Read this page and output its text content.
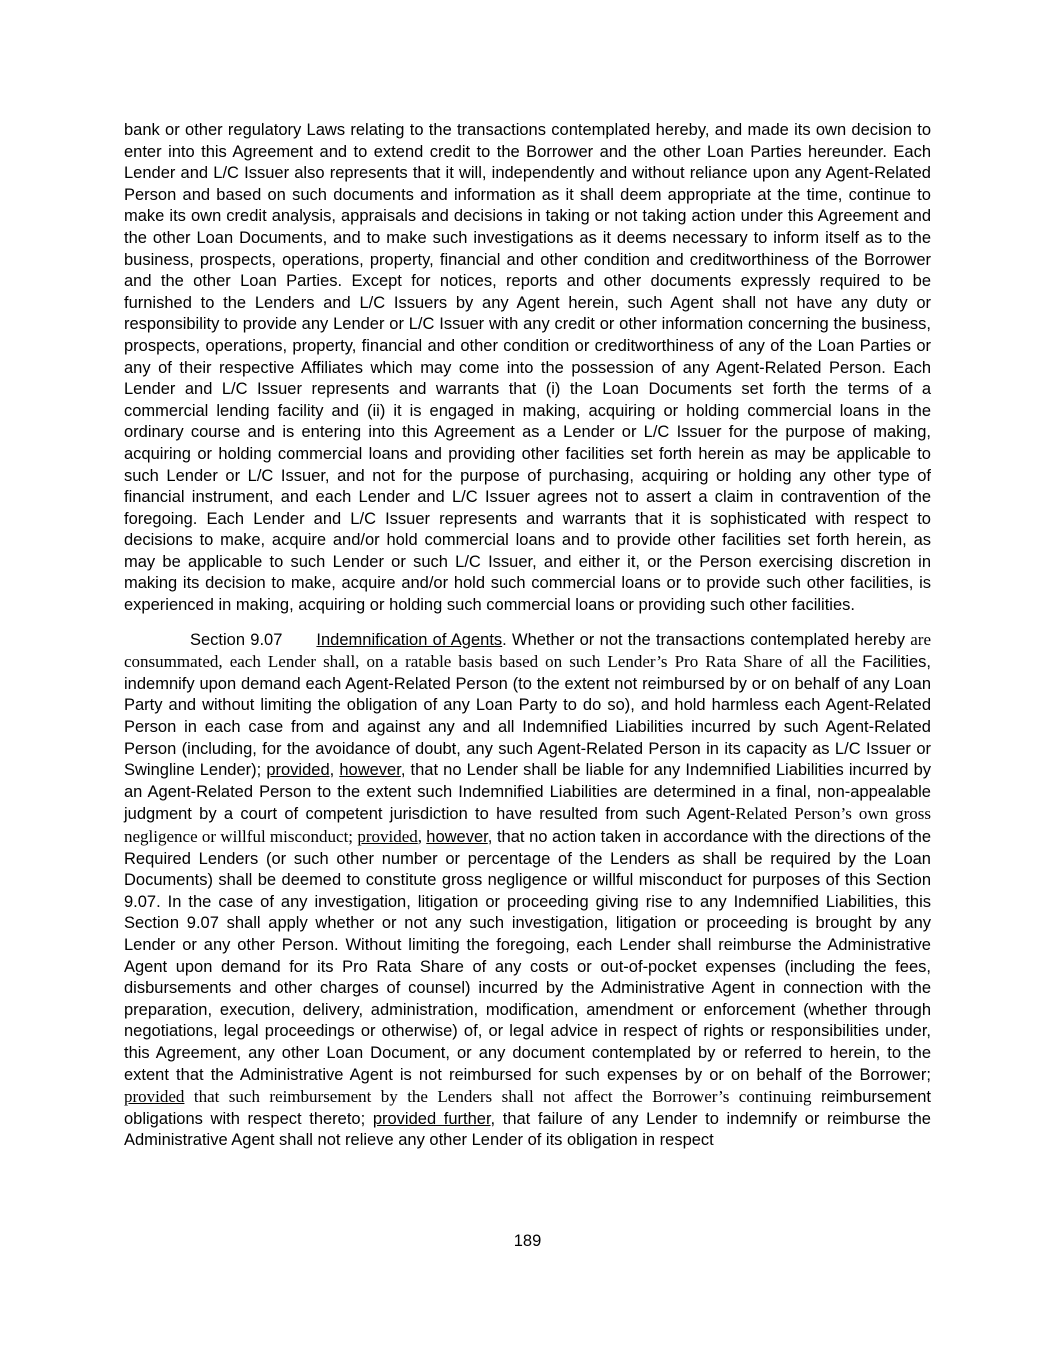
bank or other regulatory Laws relating to the transactions contemplated hereby, and made its own decision to enter into this Agreement and to extend credit to the Borrower and the other Loan Parties hereunder. Each Lender and L/C Issuer also represents that it will, independently and without reliance upon any Agent-Related Person and based on such documents and information as it shall deem appropriate at the time, continue to make its own credit analysis, appraisals and decisions in taking or not taking action under this Agreement and the other Loan Documents, and to make such investigations as it deems necessary to inform itself as to the business, prospects, operations, property, financial and other condition and creditworthiness of the Borrower and the other Loan Parties. Except for notices, reports and other documents expressly required to be furnished to the Lenders and L/C Issuers by any Agent herein, such Agent shall not have any duty or responsibility to provide any Lender or L/C Issuer with any credit or other information concerning the business, prospects, operations, property, financial and other condition or creditworthiness of any of the Loan Parties or any of their respective Affiliates which may come into the possession of any Agent-Related Person. Each Lender and L/C Issuer represents and warrants that (i) the Loan Documents set forth the terms of a commercial lending facility and (ii) it is engaged in making, acquiring or holding commercial loans in the ordinary course and is entering into this Agreement as a Lender or L/C Issuer for the purpose of making, acquiring or holding commercial loans and providing other facilities set forth herein as may be applicable to such Lender or L/C Issuer, and not for the purpose of purchasing, acquiring or holding any other type of financial instrument, and each Lender and L/C Issuer agrees not to assert a claim in contravention of the foregoing. Each Lender and L/C Issuer represents and warrants that it is sophisticated with respect to decisions to make, acquire and/or hold commercial loans and to provide other facilities set forth herein, as may be applicable to such Lender or such L/C Issuer, and either it, or the Person exercising discretion in making its decision to make, acquire and/or hold such commercial loans or to provide such other facilities, is experienced in making, acquiring or holding such commercial loans or providing such other facilities.

Section 9.07 Indemnification of Agents. Whether or not the transactions contemplated hereby are consummated, each Lender shall, on a ratable basis based on such Lender’s Pro Rata Share of all the Facilities, indemnify upon demand each Agent-Related Person (to the extent not reimbursed by or on behalf of any Loan Party and without limiting the obligation of any Loan Party to do so), and hold harmless each Agent-Related Person in each case from and against any and all Indemnified Liabilities incurred by such Agent-Related Person (including, for the avoidance of doubt, any such Agent-Related Person in its capacity as L/C Issuer or Swingline Lender); provided, however, that no Lender shall be liable for any Indemnified Liabilities incurred by an Agent-Related Person to the extent such Indemnified Liabilities are determined in a final, non-appealable judgment by a court of competent jurisdiction to have resulted from such Agent-Related Person’s own gross negligence or willful misconduct; provided, however, that no action taken in accordance with the directions of the Required Lenders (or such other number or percentage of the Lenders as shall be required by the Loan Documents) shall be deemed to constitute gross negligence or willful misconduct for purposes of this Section 9.07. In the case of any investigation, litigation or proceeding giving rise to any Indemnified Liabilities, this Section 9.07 shall apply whether or not any such investigation, litigation or proceeding is brought by any Lender or any other Person. Without limiting the foregoing, each Lender shall reimburse the Administrative Agent upon demand for its Pro Rata Share of any costs or out-of-pocket expenses (including the fees, disbursements and other charges of counsel) incurred by the Administrative Agent in connection with the preparation, execution, delivery, administration, modification, amendment or enforcement (whether through negotiations, legal proceedings or otherwise) of, or legal advice in respect of rights or responsibilities under, this Agreement, any other Loan Document, or any document contemplated by or referred to herein, to the extent that the Administrative Agent is not reimbursed for such expenses by or on behalf of the Borrower; provided that such reimbursement by the Lenders shall not affect the Borrower’s continuing reimbursement obligations with respect thereto; provided further, that failure of any Lender to indemnify or reimburse the Administrative Agent shall not relieve any other Lender of its obligation in respect

189
